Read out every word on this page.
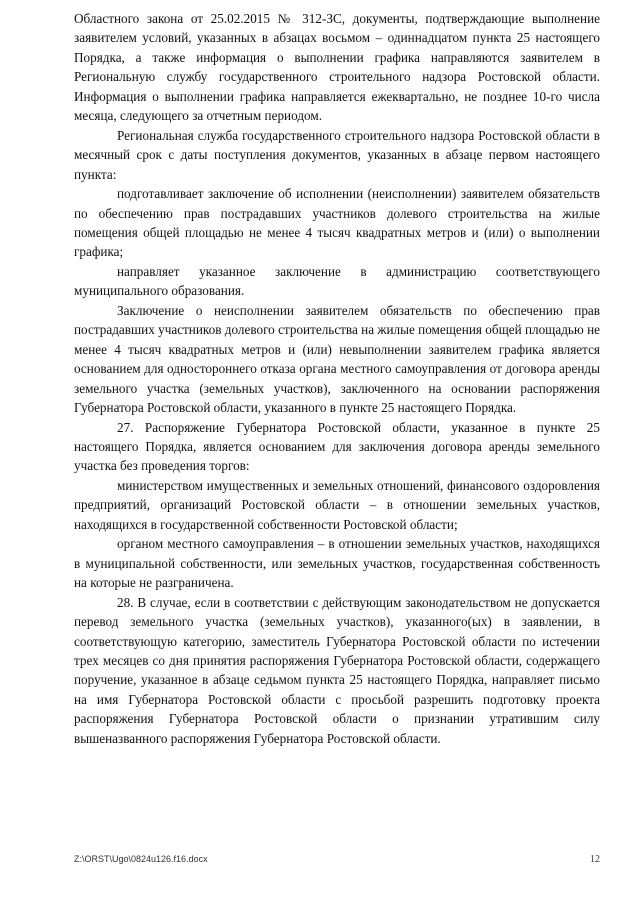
Областного закона от 25.02.2015 № 312-ЗС, документы, подтверждающие выполнение заявителем условий, указанных в абзацах восьмом – одиннадцатом пункта 25 настоящего Порядка, а также информация о выполнении графика направляются заявителем в Региональную службу государственного строительного надзора Ростовской области. Информация о выполнении графика направляется ежеквартально, не позднее 10-го числа месяца, следующего за отчетным периодом.

Региональная служба государственного строительного надзора Ростовской области в месячный срок с даты поступления документов, указанных в абзаце первом настоящего пункта:

подготавливает заключение об исполнении (неисполнении) заявителем обязательств по обеспечению прав пострадавших участников долевого строительства на жилые помещения общей площадью не менее 4 тысяч квадратных метров и (или) о выполнении графика;

направляет указанное заключение в администрацию соответствующего муниципального образования.

Заключение о неисполнении заявителем обязательств по обеспечению прав пострадавших участников долевого строительства на жилые помещения общей площадью не менее 4 тысяч квадратных метров и (или) невыполнении заявителем графика является основанием для одностороннего отказа органа местного самоуправления от договора аренды земельного участка (земельных участков), заключенного на основании распоряжения Губернатора Ростовской области, указанного в пункте 25 настоящего Порядка.

27. Распоряжение Губернатора Ростовской области, указанное в пункте 25 настоящего Порядка, является основанием для заключения договора аренды земельного участка без проведения торгов:

министерством имущественных и земельных отношений, финансового оздоровления предприятий, организаций Ростовской области – в отношении земельных участков, находящихся в государственной собственности Ростовской области;

органом местного самоуправления – в отношении земельных участков, находящихся в муниципальной собственности, или земельных участков, государственная собственность на которые не разграничена.

28. В случае, если в соответствии с действующим законодательством не допускается перевод земельного участка (земельных участков), указанного(ых) в заявлении, в соответствующую категорию, заместитель Губернатора Ростовской области по истечении трех месяцев со дня принятия распоряжения Губернатора Ростовской области, содержащего поручение, указанное в абзаце седьмом пункта 25 настоящего Порядка, направляет письмо на имя Губернатора Ростовской области с просьбой разрешить подготовку проекта распоряжения Губернатора Ростовской области о признании утратившим силу вышеназванного распоряжения Губернатора Ростовской области.

Z:\ORST\Ugo\0824u126.f16.docx	12
